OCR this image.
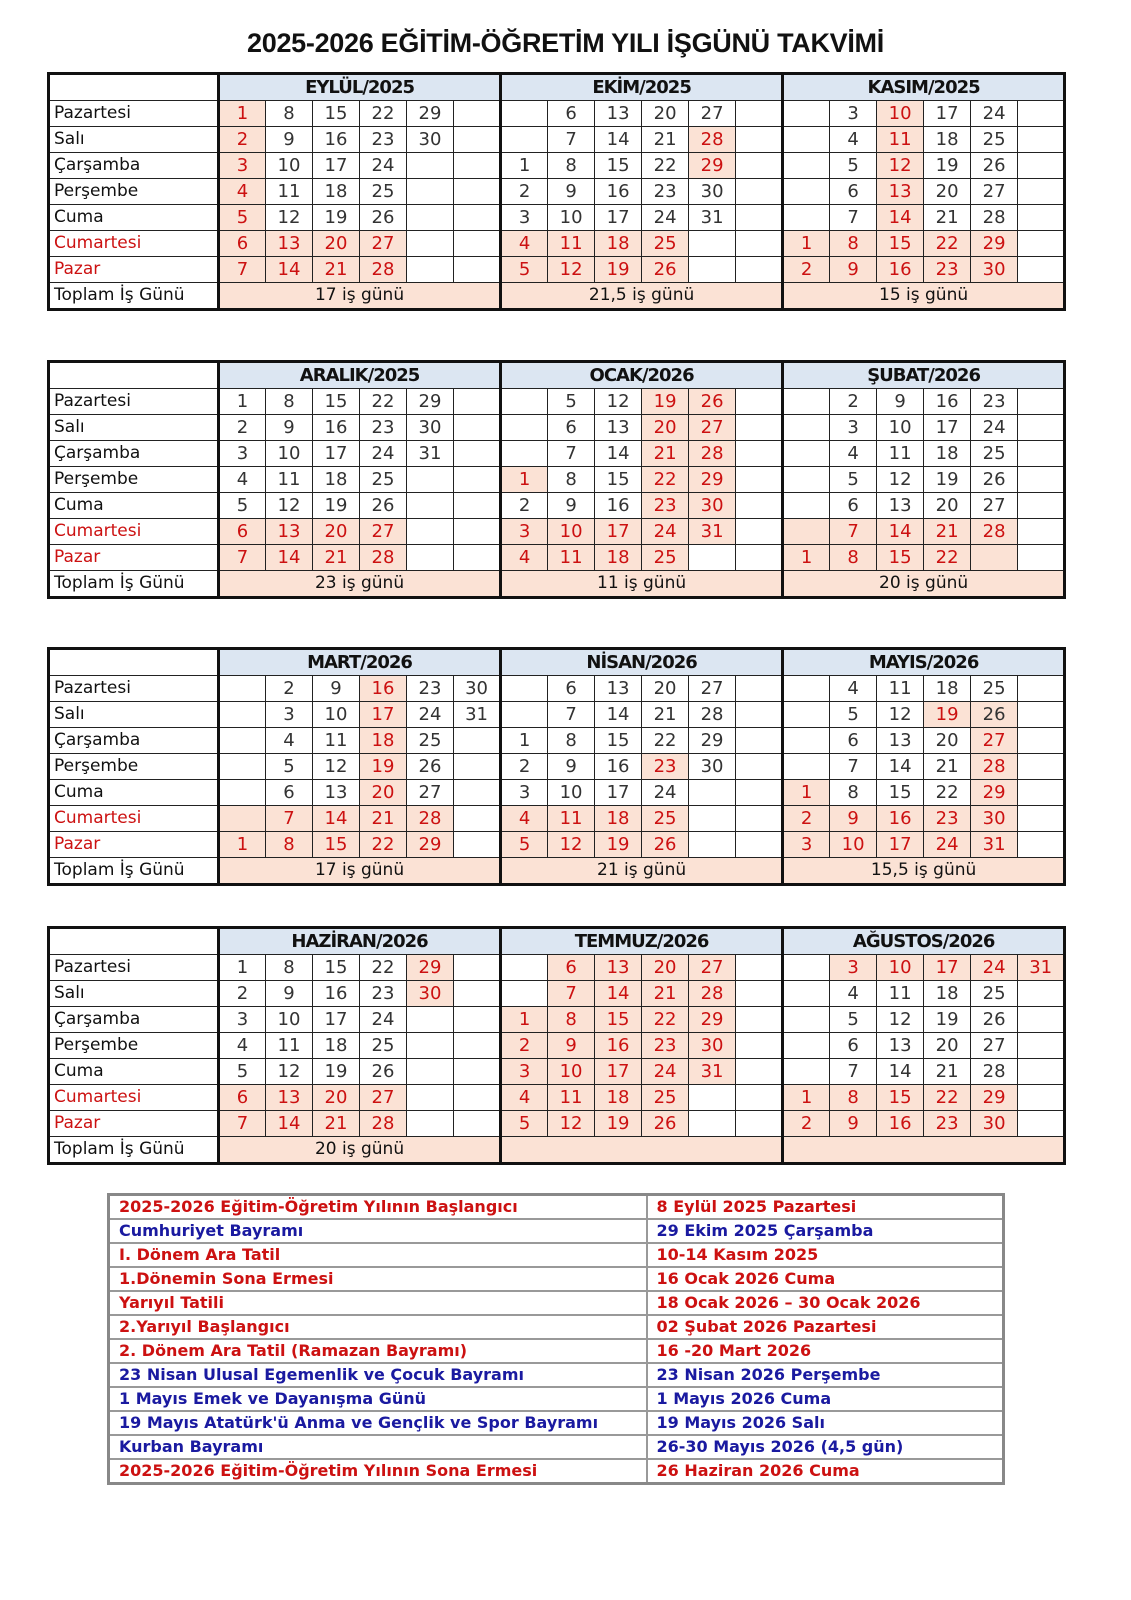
2025-2026 EĞİTİM-ÖĞRETİM YILI İŞGÜNÜ TAKVİMİ
	EYLÜL/2025						EKİM/2025						KASIM/2025					
Pazartesi	1	8	15	22	29			6	13	20	27			3	10	17	24	
Salı	2	9	16	23	30			7	14	21	28			4	11	18	25	
Çarşamba	3	10	17	24			1	8	15	22	29			5	12	19	26	
Perşembe	4	11	18	25			2	9	16	23	30			6	13	20	27	
Cuma	5	12	19	26			3	10	17	24	31			7	14	21	28	
Cumartesi	6	13	20	27			4	11	18	25			1	8	15	22	29	
Pazar	7	14	21	28			5	12	19	26			2	9	16	23	30	
Toplam İş Günü	17 iş günü						21,5 iş günü						15 iş günü					
	ARALIK/2025						OCAK/2026						ŞUBAT/2026					
Pazartesi	1	8	15	22	29			5	12	19	26			2	9	16	23	
Salı	2	9	16	23	30			6	13	20	27			3	10	17	24	
Çarşamba	3	10	17	24	31			7	14	21	28			4	11	18	25	
Perşembe	4	11	18	25			1	8	15	22	29			5	12	19	26	
Cuma	5	12	19	26			2	9	16	23	30			6	13	20	27	
Cumartesi	6	13	20	27			3	10	17	24	31			7	14	21	28	
Pazar	7	14	21	28			4	11	18	25			1	8	15	22		
Toplam İş Günü	23 iş günü						11 iş günü						20 iş günü					
	MART/2026						NİSAN/2026						MAYIS/2026					
Pazartesi		2	9	16	23	30		6	13	20	27			4	11	18	25	
Salı		3	10	17	24	31		7	14	21	28			5	12	19	26	
Çarşamba		4	11	18	25		1	8	15	22	29			6	13	20	27	
Perşembe		5	12	19	26		2	9	16	23	30			7	14	21	28	
Cuma		6	13	20	27		3	10	17	24			1	8	15	22	29	
Cumartesi		7	14	21	28		4	11	18	25			2	9	16	23	30	
Pazar	1	8	15	22	29		5	12	19	26			3	10	17	24	31	
Toplam İş Günü	17 iş günü						21 iş günü						15,5 iş günü					
	HAZİRAN/2026						TEMMUZ/2026						AĞUSTOS/2026					
Pazartesi	1	8	15	22	29			6	13	20	27			3	10	17	24	31
Salı	2	9	16	23	30			7	14	21	28			4	11	18	25	
Çarşamba	3	10	17	24			1	8	15	22	29			5	12	19	26	
Perşembe	4	11	18	25			2	9	16	23	30			6	13	20	27	
Cuma	5	12	19	26			3	10	17	24	31			7	14	21	28	
Cumartesi	6	13	20	27			4	11	18	25			1	8	15	22	29	
Pazar	7	14	21	28			5	12	19	26			2	9	16	23	30	
Toplam İş Günü	20 iş günü																	
2025-2026 Eğitim-Öğretim Yılının Başlangıcı	8 Eylül 2025 Pazartesi
Cumhuriyet Bayramı	29 Ekim 2025 Çarşamba
I. Dönem Ara Tatil	10-14 Kasım 2025
1.Dönemin Sona Ermesi	16 Ocak 2026 Cuma
Yarıyıl Tatili	18 Ocak 2026 – 30 Ocak 2026
2.Yarıyıl Başlangıcı	02 Şubat 2026 Pazartesi
2. Dönem Ara Tatil (Ramazan Bayramı)	16 -20 Mart 2026
23 Nisan Ulusal Egemenlik ve Çocuk Bayramı	23 Nisan 2026 Perşembe
1 Mayıs Emek ve Dayanışma Günü	1 Mayıs 2026 Cuma
19 Mayıs Atatürk'ü Anma ve Gençlik ve Spor Bayramı	19 Mayıs 2026 Salı
Kurban Bayramı	26-30 Mayıs 2026 (4,5 gün)
2025-2026 Eğitim-Öğretim Yılının Sona Ermesi	26 Haziran 2026 Cuma
